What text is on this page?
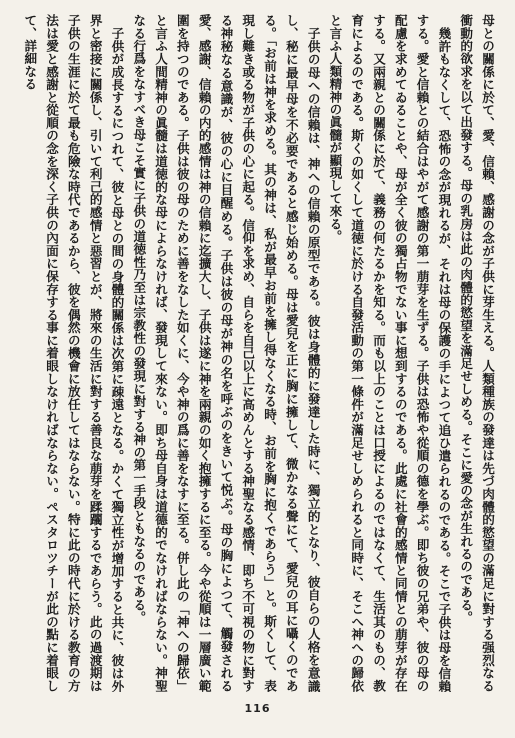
母との關係に於て、愛、信賴、感謝の念が子供に芽生える。人類種族の發達は先づ肉體的慾望の滿足に對する强烈なる衝動的欲求を以て出發する。母の乳房は此の肉體的慾望を滿足せしめる。そこに愛の念が生れるのである。

幾許もなくして、恐怖の念が現れるが、それは母の保護の手によつて追ひ遣られるのである。そこで子供は母を信賴する。愛と信賴との結合はやがて感謝の第一萠芽を生ずる。子供は恐怖や從順の德を學ぶ。即ち彼の兄弟や、彼の母の配慮を求めてゐることや、母が全く彼の獨占物でない事に想到するのである。此處に社會的感情と同情との萠芽が存在する。又兩親との關係に於て、義務の何たるかを知る。而も以上のことは口授によるのではなくて、生活其のもの、教育によるのである。斯くの如くして道徳に於ける自發活動の第一條件が滿足せしめられると同時に、そこへ神への歸依と言ふ人類精神の眞髓が顯現して來る。

子供の母への信賴は、神への信賴の原型である。彼は身體的に發達した時に、獨立的となり、彼自らの人格を意識し、秘に最早母を不必要であると感じ始める。母は愛兒を正に胸に擁して、微かなる聲にて、愛兒の耳に囁くのである。「お前は神を求める。其の神は、私が最早お前を擁し得なくなる時、お前を胸に抱くであらう」と。斯くして、表現し難き或る物が子供の心に起る。信仰を求め、自らを自己以上に高めんとする神聖なる感情、即ち不可視の物に對する神秘なる意識が、彼の心に目醒める。子供は彼の母が神の名を呼ぶのをきいて悦ぶ。母の胸によつて、觸發される愛、感謝、信賴の内的感情は神の信賴に迄擴大し、子供は遂に神を兩親の如く抱擁するに至る。今や從順は一層廣い範圍を持つのである。子供は彼の母のために善をなした如くに、今や神の爲に善をなすに至る。併し此の「神への歸依」と言ふ人間精神の眞髓は道徳的な母によらなければ、發現して來ない。即ち母自身は道德的でなければならない。神聖なる行爲をなすべき母こそ實に子供の道徳性乃至は宗教性の發現に對する神の第一手段ともなるのである。

子供が成長するにつれて、彼と母との間の身體的關係は次第に疎遠となる。かくて獨立性が增加すると共に、彼は外界と密接に關係し、引いて利己的感情と惡習とが、將來の生活に對する善良な萠芽を蹂躙するであらう。此の過渡期は子供の生涯に於て最も危險な時代であるから、彼を偶然の機會に放任してはならない。特に此の時代に於ける教育の方法は愛と感謝と從順の念を深く子供の內面に保存する事に着眼しなければならない。ペスタロツチーが此の點に着眼して、詳細なる

116
